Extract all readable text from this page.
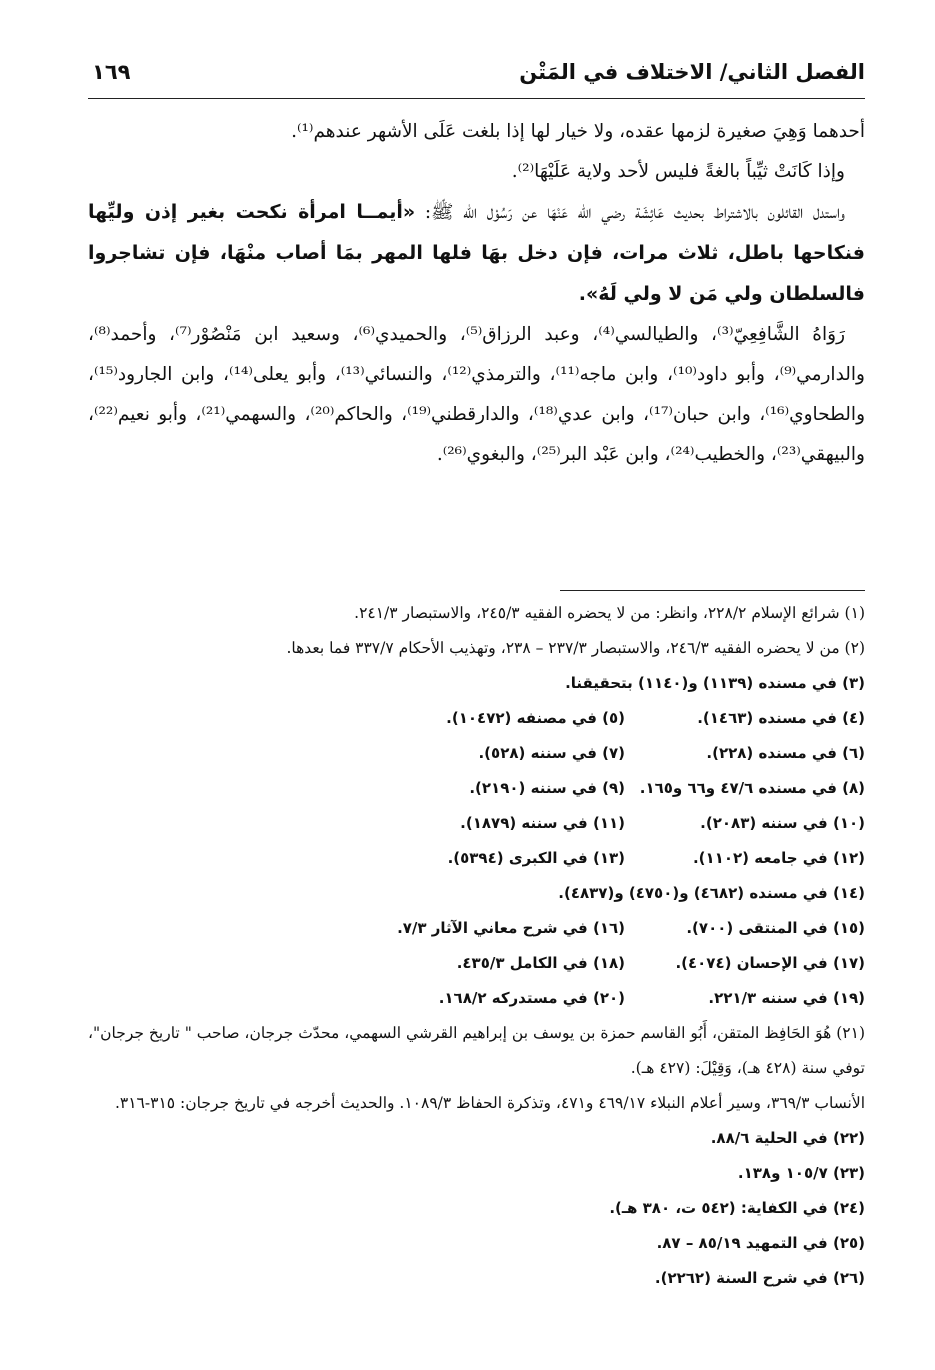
الفصل الثاني/ الاختلاف في المَتْن
١٦٩

أحدهما وَهِيَ صغيرة لزمها عقده، ولا خيار لها إذا بلغت عَلَى الأشهر عندهم⁽¹⁾.

وإذا كَانَتْ ثيِّباً بالغةً فليس لأحد ولاية عَلَيْهَا⁽²⁾.

واستدل القائلون بالاشتراط بحديث عَائِشَة رضي الله عَنْهَا عن رَسُوْل الله ﷺ: «أيمــا امرأة نكحت بغير إذن وليِّها فنكاحها باطل، ثلاث مرات، فإن دخل بهَا فلها المهر بمَا أصاب منْهَا، فإن تشاجروا فالسلطان ولي مَن لا ولي لَهُ».

رَوَاهُ الشَّافِعِيّ⁽³⁾، والطيالسي⁽⁴⁾، وعبد الرزاق⁽⁵⁾، والحميدي⁽⁶⁾، وسعيد ابن مَنْصُوْر⁽⁷⁾، وأحمد⁽⁸⁾، والدارمي⁽⁹⁾، وأبو داود⁽¹⁰⁾، وابن ماجه⁽¹¹⁾، والترمذي⁽¹²⁾، والنسائي⁽¹³⁾، وأبو يعلى⁽¹⁴⁾، وابن الجارود⁽¹⁵⁾، والطحاوي⁽¹⁶⁾، وابن حبان⁽¹⁷⁾، وابن عدي⁽¹⁸⁾، والدارقطني⁽¹⁹⁾، والحاكم⁽²⁰⁾، والسهمي⁽²¹⁾، وأبو نعيم⁽²²⁾، والبيهقي⁽²³⁾، والخطيب⁽²⁴⁾، وابن عَبْد البر⁽²⁵⁾، والبغوي⁽²⁶⁾.

(١) شرائع الإسلام ٢٢٨/٢، وانظر: من لا يحضره الفقيه ٢٤٥/٣، والاستبصار ٢٤١/٣.

(٢) من لا يحضره الفقيه ٢٤٦/٣، والاستبصار ٢٣٧/٣ – ٢٣٨، وتهذيب الأحكام ٣٣٧/٧ فما بعدها.

(٣) في مسنده (١١٣٩) و(١١٤٠) بتحقيقنا.

(٤) في مسنده (١٤٦٣).
(٥) في مصنفه (١٠٤٧٢).
(٦) في مسنده (٢٢٨).
(٧) في سننه (٥٢٨).
(٨) في مسنده ٤٧/٦ و٦٦ و١٦٥.
(٩) في سننه (٢١٩٠).
(١٠) في سننه (٢٠٨٣).
(١١) في سننه (١٨٧٩).
(١٢) في جامعه (١١٠٢).
(١٣) في الكبرى (٥٣٩٤).

(١٤) في مسنده (٤٦٨٢) و(٤٧٥٠) و(٤٨٣٧).

(١٥) في المنتقى (٧٠٠).
(١٦) في شرح معاني الآثار ٧/٣.
(١٧) في الإحسان (٤٠٧٤).
(١٨) في الكامل ٤٣٥/٣.
(١٩) في سننه ٢٢١/٣.
(٢٠) في مستدركه ١٦٨/٢.

(٢١) هُوَ الحَافِظ المتقن، أَبُو القاسم حمزة بن يوسف بن إبراهيم القرشي السهمي، محدّث جرجان، صاحب " تاريخ جرجان"، توفي سنة (٤٢٨ هـ)، وَقِيْلَ: (٤٢٧ هـ).

الأنساب ٣٦٩/٣، وسير أعلام النبلاء ٤٦٩/١٧ و٤٧١، وتذكرة الحفاظ ١٠٨٩/٣. والحديث أخرجه في تاريخ جرجان: ٣١٥-٣١٦.

(٢٢) في الحلية ٨٨/٦.

(٢٣) ١٠٥/٧ و١٣٨.

(٢٤) في الكفاية: (٥٤٢ ت، ٣٨٠ هـ).

(٢٥) في التمهيد ٨٥/١٩ – ٨٧.

(٢٦) في شرح السنة (٢٢٦٢).
